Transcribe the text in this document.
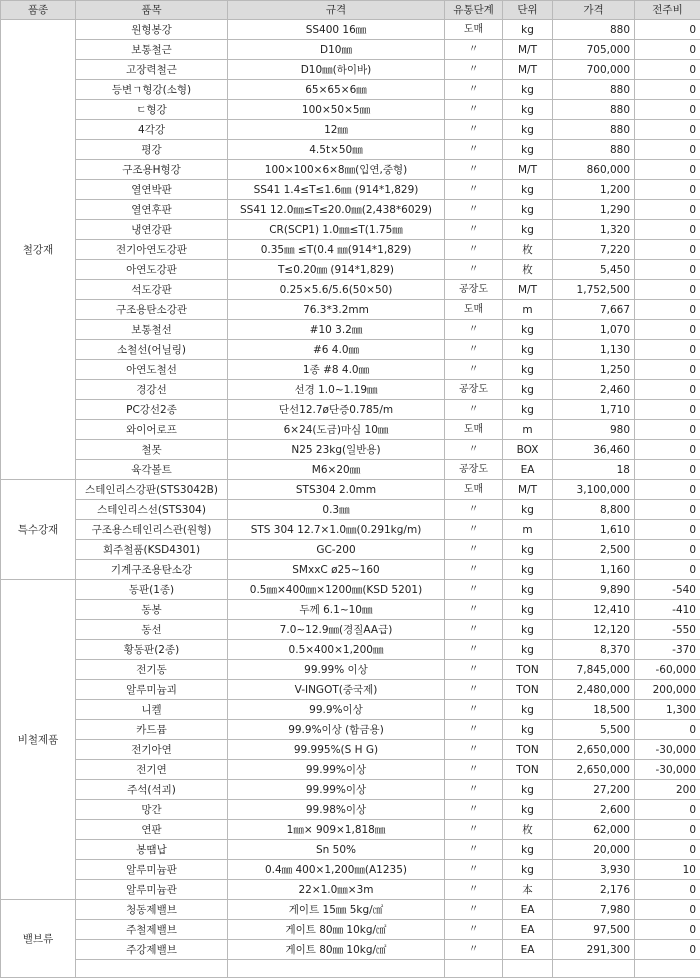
품종	품목	규격	유통단계	단위	가격	전주비
철강재	원형봉강	SS400 16㎜	도매	kg	880	0
	보통철근	D10㎜	〃	M/T	705,000	0
	고장력철근	D10㎜(하이바)	〃	M/T	700,000	0
	등변ㄱ형강(소형)	65×65×6㎜	〃	kg	880	0
	ㄷ형강	100×50×5㎜	〃	kg	880	0
	4각강	12㎜	〃	kg	880	0
	평강	4.5t×50㎜	〃	kg	880	0
	구조용H형강	100×100×6×8㎜(입연,중형)	〃	M/T	860,000	0
	열연박판	SS41 1.4≤T≤1.6㎜ (914*1,829)	〃	kg	1,200	0
	열연후판	SS41 12.0㎜≤T≤20.0㎜(2,438*6029)	〃	kg	1,290	0
	냉연강판	CR(SCP1) 1.0㎜≤T(1.75㎜	〃	kg	1,320	0
	전기아연도강판	0.35㎜ ≤T(0.4 ㎜(914*1,829)	〃	枚	7,220	0
	아연도강판	T≤0.20㎜ (914*1,829)	〃	枚	5,450	0
	석도강판	0.25×5.6/5.6(50×50)	공장도	M/T	1,752,500	0
	구조용탄소강관	76.3*3.2mm	도매	m	7,667	0
	보통철선	#10 3.2㎜	〃	kg	1,070	0
	소철선(어닐링)	#6 4.0㎜	〃	kg	1,130	0
	아연도철선	1종 #8 4.0㎜	〃	kg	1,250	0
	경강선	선경 1.0~1.19㎜	공장도	kg	2,460	0
	PC강선2종	단선12.7ø단증0.785/m	〃	kg	1,710	0
	와이어로프	6×24(도금)마심 10㎜	도매	m	980	0
	철못	N25 23kg(일반용)	〃	BOX	36,460	0
	육각볼트	M6×20㎜	공장도	EA	18	0
특수강재	스테인리스강판(STS3042B)	STS304 2.0mm	도매	M/T	3,100,000	0
	스테인리스선(STS304)	0.3㎜	〃	kg	8,800	0
	구조용스테인리스관(원형)	STS 304 12.7×1.0㎜(0.291kg/m)	〃	m	1,610	0
	회주철품(KSD4301)	GC-200	〃	kg	2,500	0
	기계구조용탄소강	SMxxC ø25~160	〃	kg	1,160	0
비철제품	동판(1종)	0.5㎜×400㎜×1200㎜(KSD 5201)	〃	kg	9,890	-540
	동봉	두께 6.1~10㎜	〃	kg	12,410	-410
	동선	7.0~12.9㎜(경질AA급)	〃	kg	12,120	-550
	황동판(2종)	0.5×400×1,200㎜	〃	kg	8,370	-370
	전기동	99.99% 이상	〃	TON	7,845,000	-60,000
	알루미늄괴	V-INGOT(중국제)	〃	TON	2,480,000	200,000
	니켈	99.9%이상	〃	kg	18,500	1,300
	카드뮴	99.9%이상 (함금용)	〃	kg	5,500	0
	전기아연	99.995%(S H G)	〃	TON	2,650,000	-30,000
	전기연	99.99%이상	〃	TON	2,650,000	-30,000
	주석(석괴)	99.99%이상	〃	kg	27,200	200
	망간	99.98%이상	〃	kg	2,600	0
	연판	1㎜× 909×1,818㎜	〃	枚	62,000	0
	봉땜납	Sn 50%	〃	kg	20,000	0
	알루미늄판	0.4㎜ 400×1,200㎜(A1235)	〃	kg	3,930	10
	알루미늄관	22×1.0㎜×3m	〃	本	2,176	0
밸브류	청동제밸브	게이트 15㎜ 5kg/㎠	〃	EA	7,980	0
	주철제밸브	게이트 80㎜ 10kg/㎠	〃	EA	97,500	0
	주강제밸브	게이트 80㎜ 10kg/㎠	〃	EA	291,300	0
